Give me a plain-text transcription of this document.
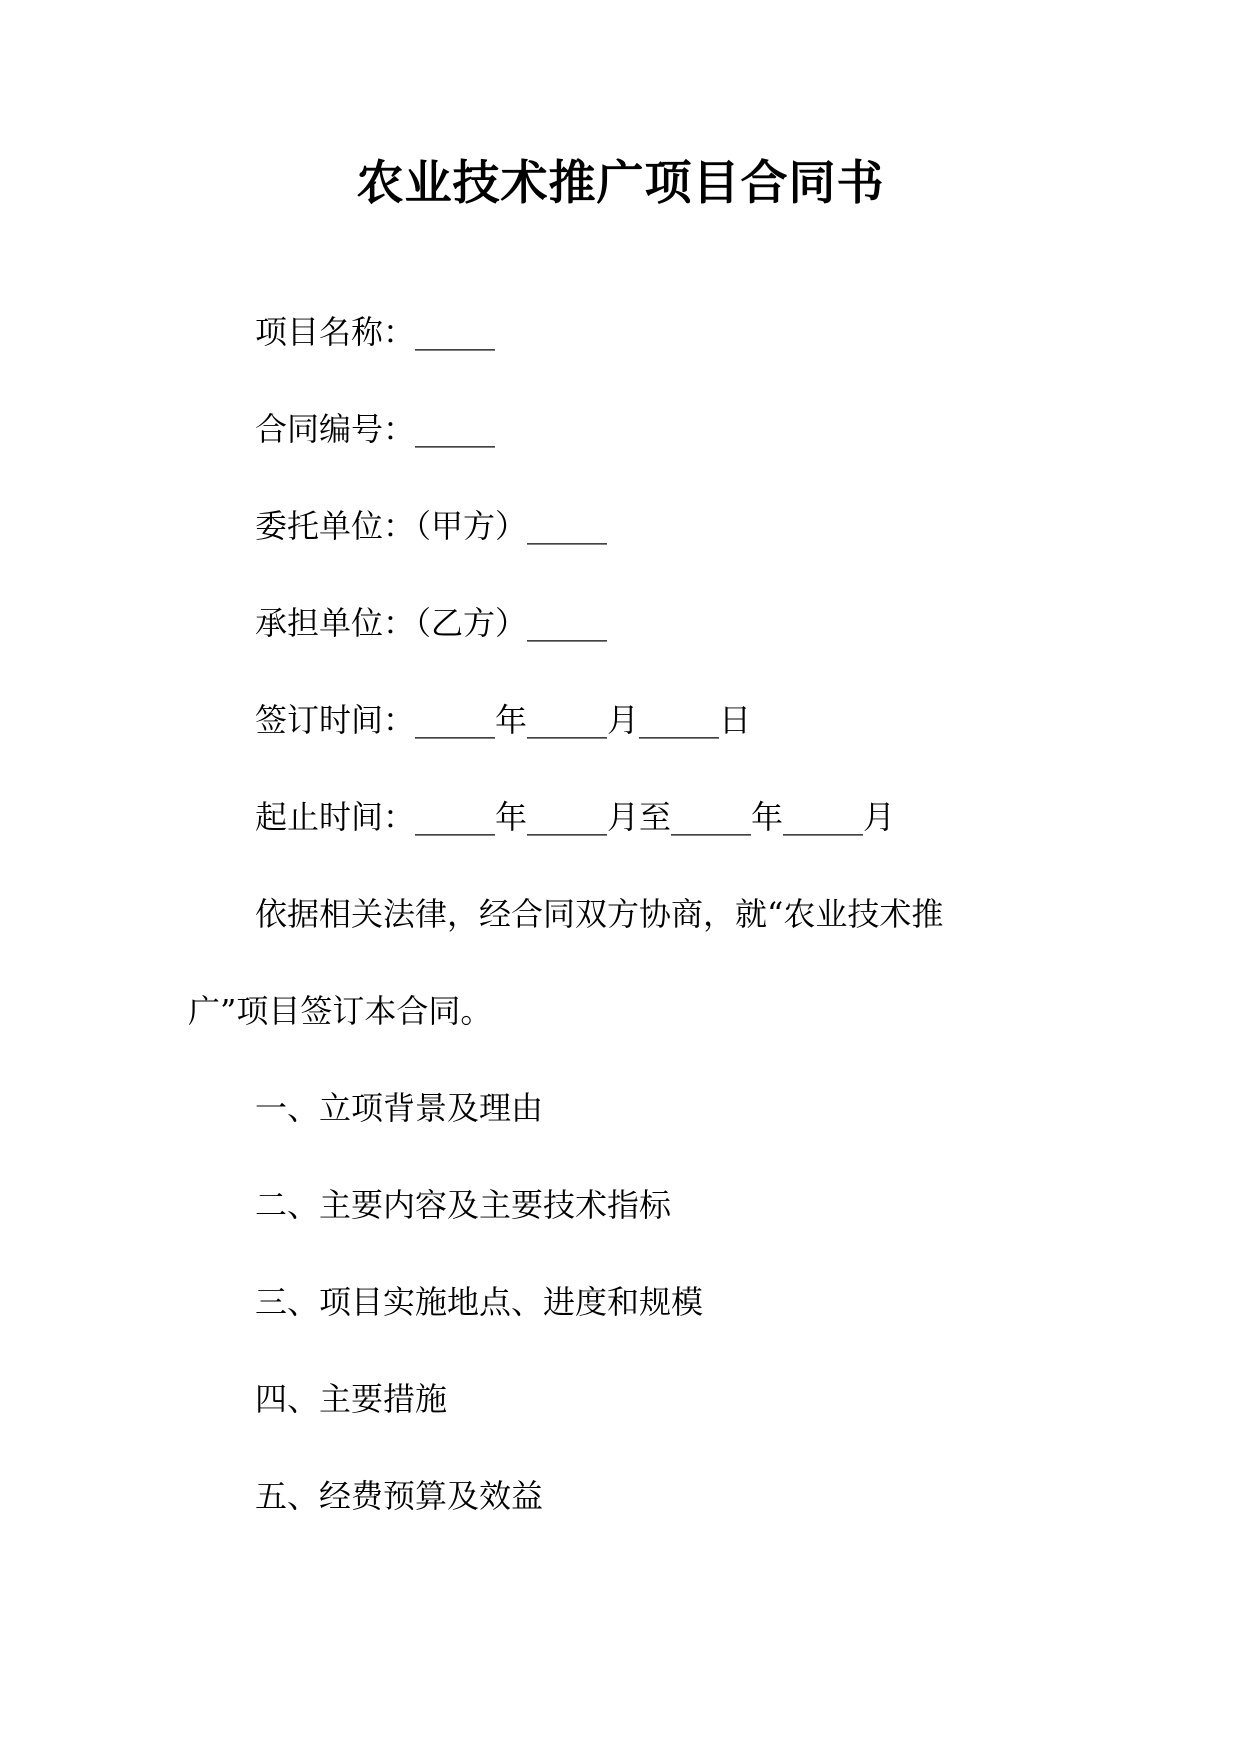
农业技术推广项目合同书
项目名称：_____
合同编号：_____
委托单位：（甲方）_____
承担单位：（乙方）_____
签订时间：_____年_____月_____日
起止时间：_____年_____月至_____年_____月
依据相关法律，经合同双方协商，就“农业技术推
广”项目签订本合同。
一、立项背景及理由
二、主要内容及主要技术指标
三、项目实施地点、进度和规模
四、主要措施
五、经费预算及效益
